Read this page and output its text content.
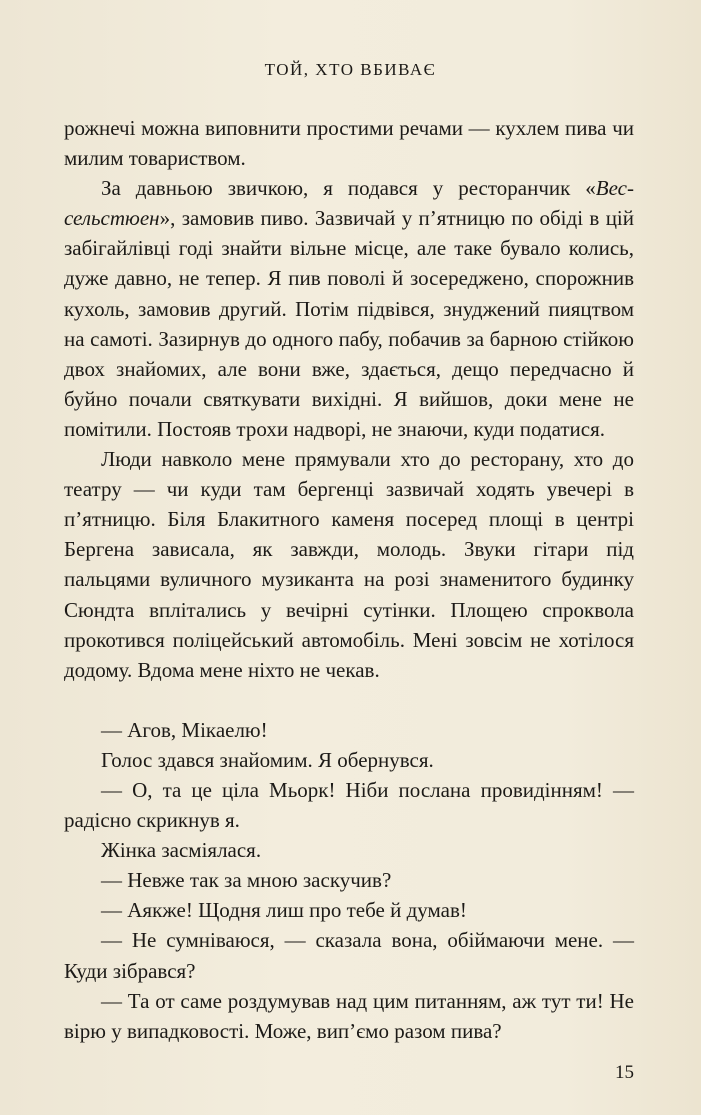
ТОЙ, ХТО ВБИВАЄ

рожнечі можна виповнити простими речами — кухлем пива чи милим товариством.

За давньою звичкою, я подався у ресторанчик «Вессельстюен», замовив пиво. Зазвичай у п’ятницю по обіді в цій забігайлівці годі знайти вільне місце, але таке бувало колись, дуже давно, не тепер. Я пив поволі й зосереджено, спорожнив кухоль, замовив другий. Потім підвівся, знуджений пияцтвом на самоті. Зазирнув до одного пабу, побачив за барною стійкою двох знайомих, але вони вже, здається, дещо передчасно й буйно почали святкувати вихідні. Я вийшов, доки мене не помітили. Постояв трохи надворі, не знаючи, куди податися.

Люди навколо мене прямували хто до ресторану, хто до театру — чи куди там бергенці зазвичай ходять увечері в п’ятницю. Біля Блакитного каменя посеред площі в центрі Бергена зависала, як завжди, молодь. Звуки гітари під пальцями вуличного музиканта на розі знаменитого будинку Сюндта вплітались у вечірні сутінки. Площею спроквола прокотився поліцейський автомобіль. Мені зовсім не хотілося додому. Вдома мене ніхто не чекав.

— Агов, Мікаелю!

Голос здався знайомим. Я обернувся.

— О, та це ціла Мьорк! Ніби послана провидінням! — радісно скрикнув я.

Жінка засміялася.

— Невже так за мною заскучив?

— Аякже! Щодня лиш про тебе й думав!

— Не сумніваюся, — сказала вона, обіймаючи мене. — Куди зібрався?

— Та от саме роздумував над цим питанням, аж тут ти! Не вірю у випадковості. Може, вип’ємо разом пива?

15
